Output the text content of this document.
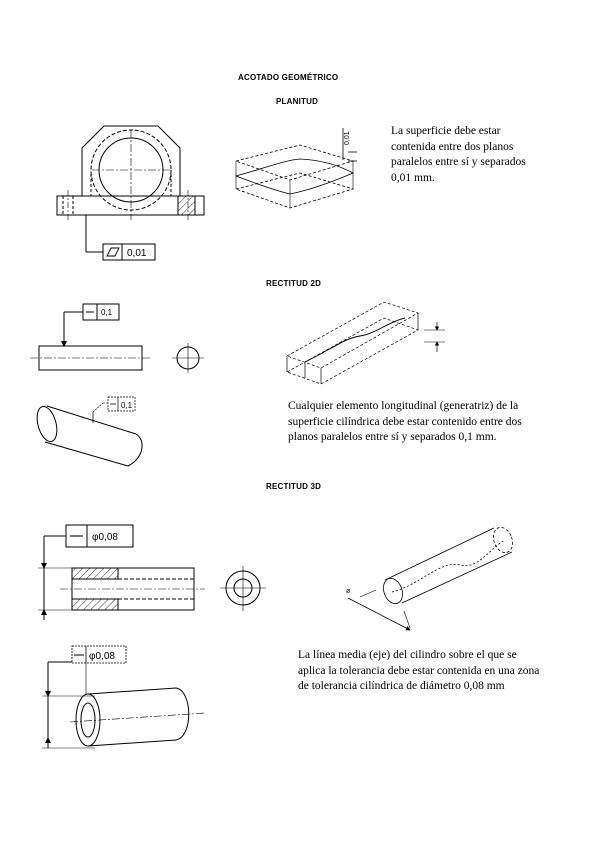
ACOTADO GEOMÉTRICO
PLANITUD
RECTITUD 2D
RECTITUD 3D
La superficie debe estar
contenida entre dos planos
paralelos entre sí y separados
0,01 mm.
Cualquier elemento longitudinal (generatriz) de la
superficie cilíndrica debe estar contenido entre dos
planos paralelos entre sí y separados 0,1 mm.
La línea media (eje) del cilindro sobre el que se
aplica la tolerancia debe estar contenida en una zona
de tolerancia cilíndrica de diámetro 0,08 mm
0,01
0,01
0,1
0,1
φ0,08
ø
φ0,08
